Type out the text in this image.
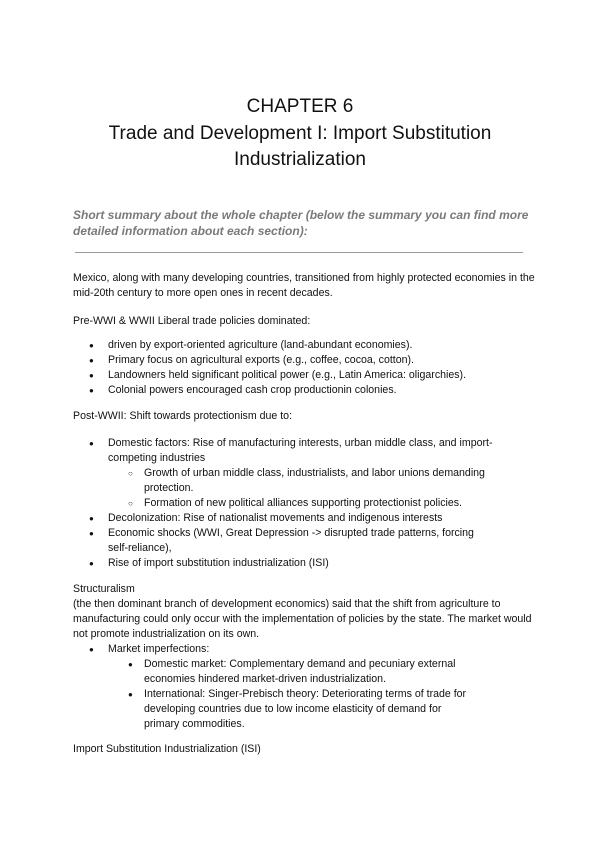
CHAPTER 6
Trade and Development I: Import Substitution
Industrialization
Short summary about the whole chapter (below the summary you can find more detailed information about each section):
Mexico, along with many developing countries, transitioned from highly protected economies in the mid-20th century to more open ones in recent decades.
Pre-WWI & WWII Liberal trade policies dominated:
● driven by export-oriented agriculture (land-abundant economies).
● Primary focus on agricultural exports (e.g., coffee, cocoa, cotton).
● Landowners held significant political power (e.g., Latin America: oligarchies).
● Colonial powers encouraged cash crop productionin colonies.
Post-WWII: Shift towards protectionism due to:
● Domestic factors: Rise of manufacturing interests, urban middle class, and import-competing industries
○ Growth of urban middle class, industrialists, and labor unions demanding protection.
○ Formation of new political alliances supporting protectionist policies.
● Decolonization: Rise of nationalist movements and indigenous interests
● Economic shocks (WWI, Great Depression -> disrupted trade patterns, forcing self-reliance),
● Rise of import substitution industrialization (ISI)
Structuralism
(the then dominant branch of development economics) said that the shift from agriculture to manufacturing could only occur with the implementation of policies by the state. The market would not promote industrialization on its own.
● Market imperfections:
● Domestic market: Complementary demand and pecuniary external economies hindered market-driven industrialization.
● International: Singer-Prebisch theory: Deteriorating terms of trade for developing countries due to low income elasticity of demand for primary commodities.
Import Substitution Industrialization (ISI)
